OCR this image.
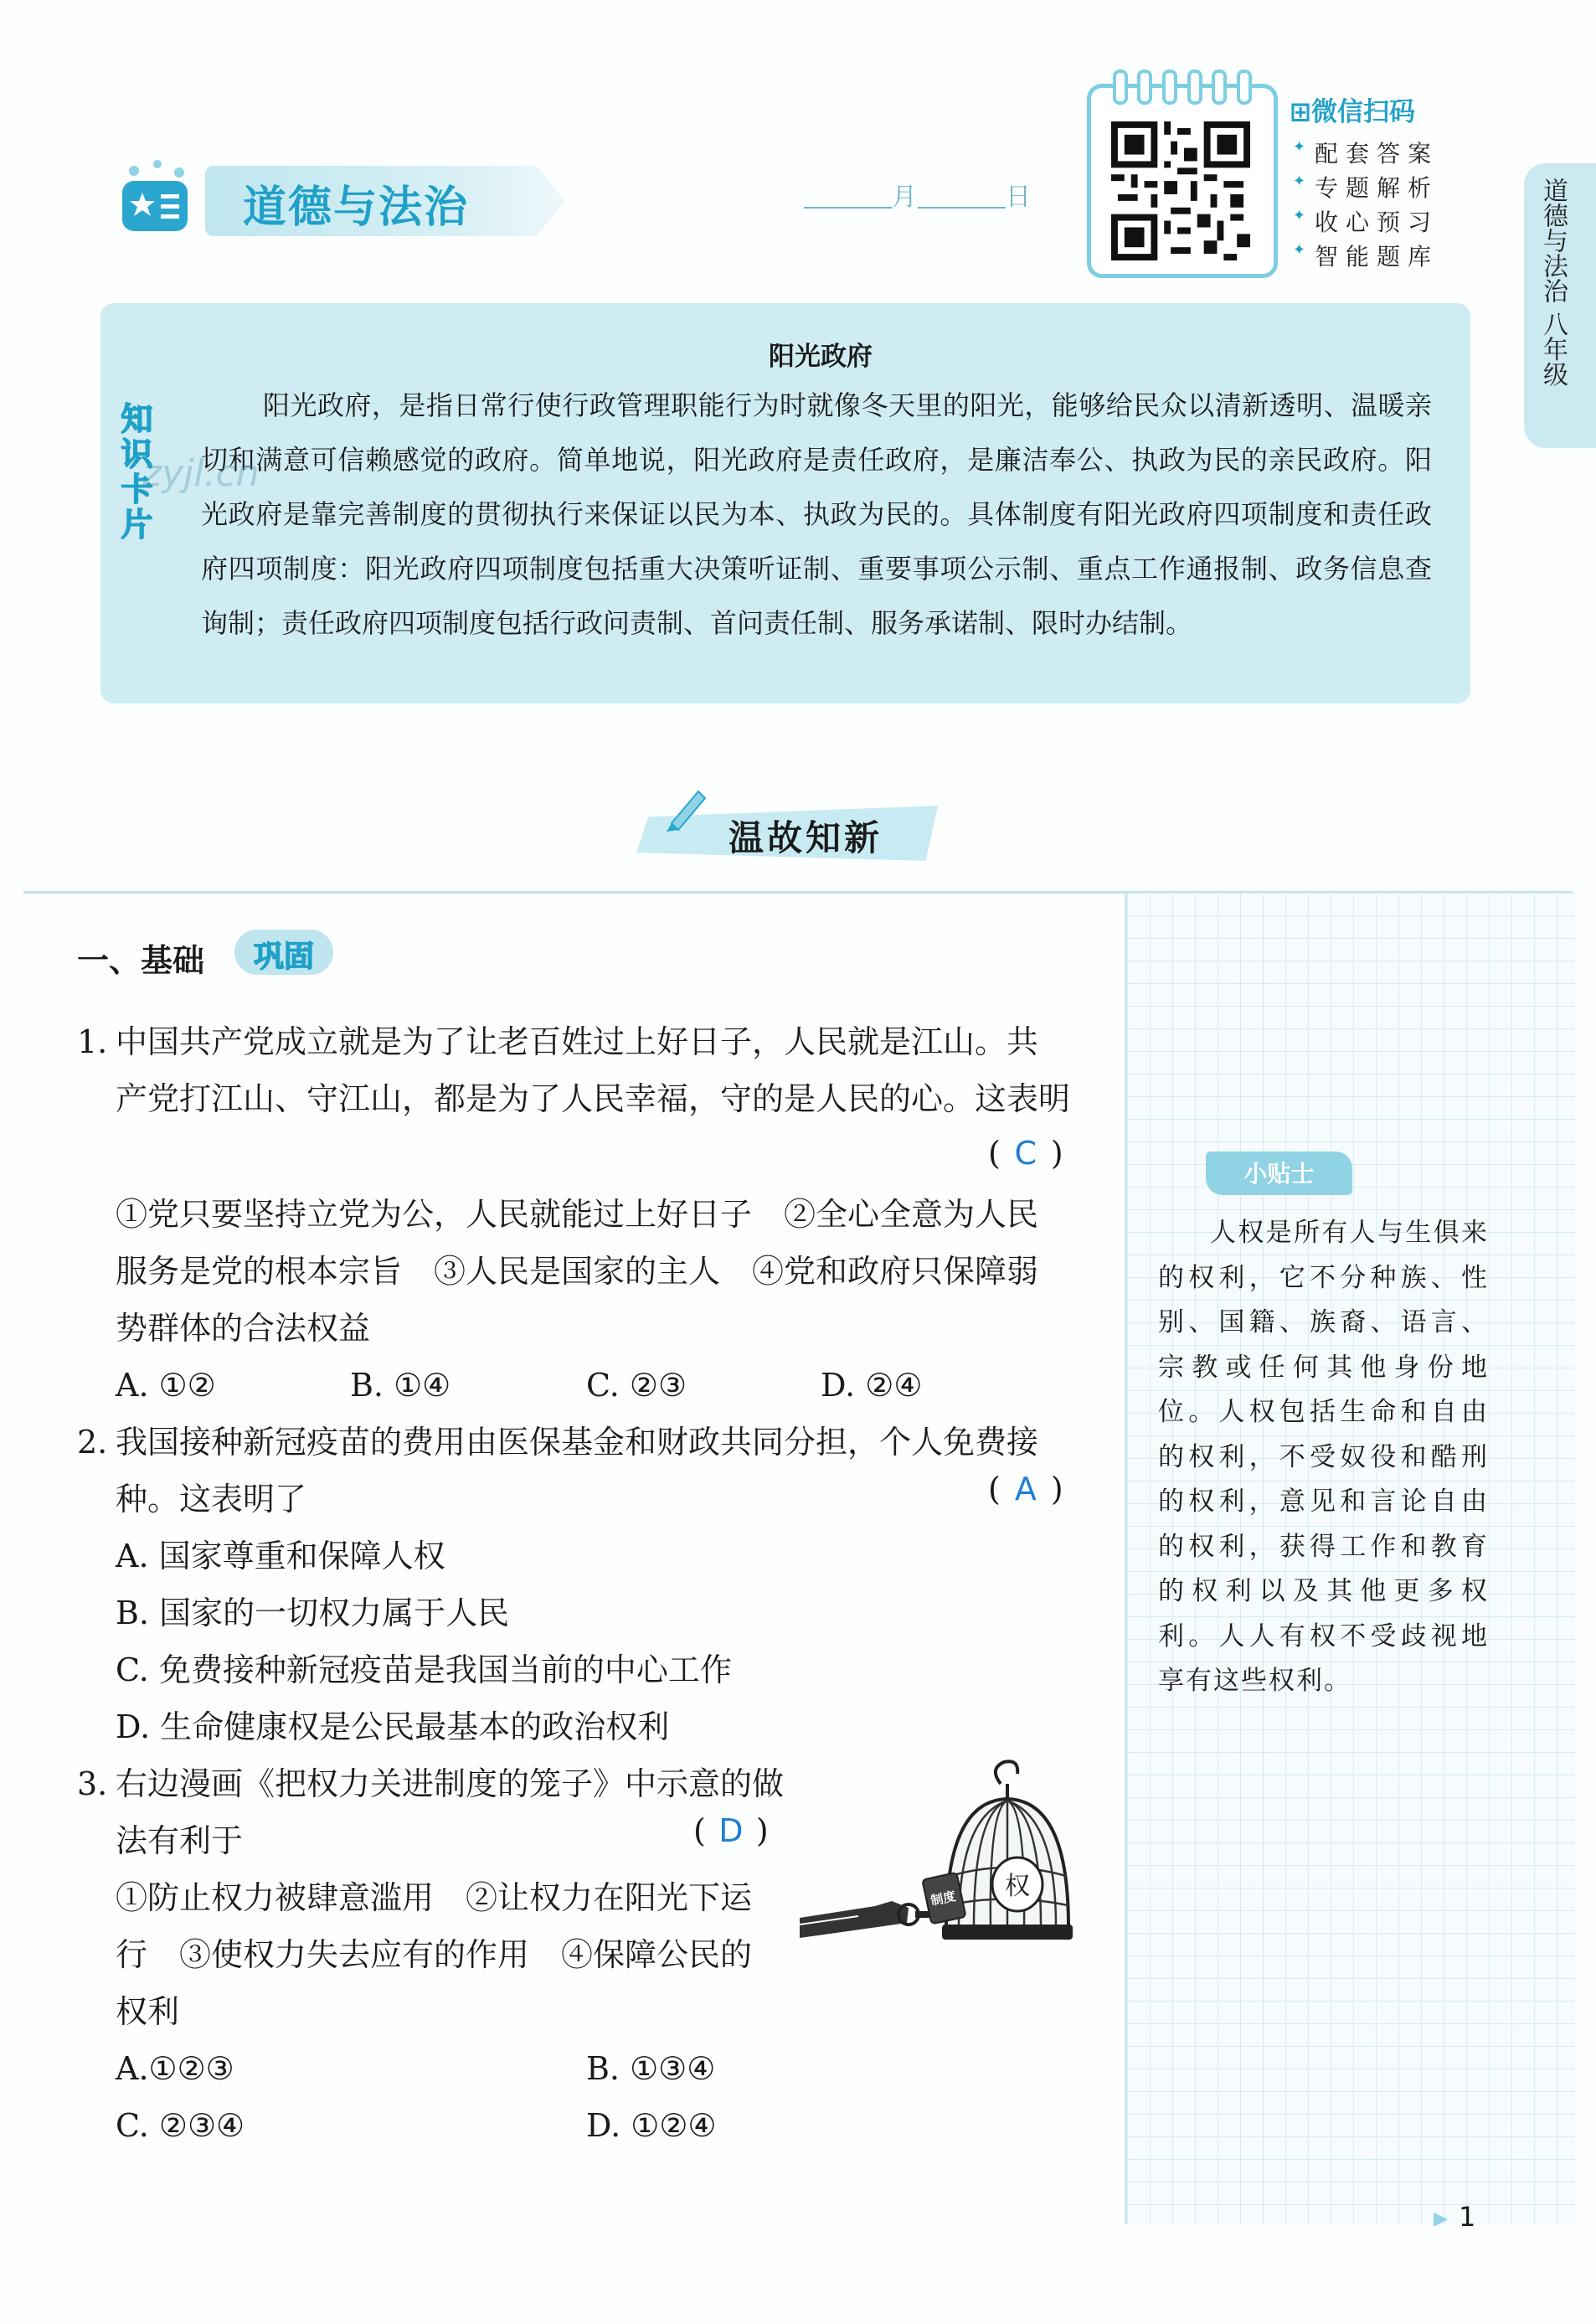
道德与法治	月	日
⊞微信扫码
✦ 配套答案
✦ 专题解析
✦ 收心预习
✦ 智能题库	道德与法治 八年级
知识卡片
阳光政府
阳光政府，是指日常行使行政管理职能行为时就像冬天里的阳光，能够给民众以清新透明、温暖亲切和满意可信赖感觉的政府。简单地说，阳光政府是责任政府，是廉洁奉公、执政为民的亲民政府。阳光政府是靠完善制度的贯彻执行来保证以民为本、执政为民的。具体制度有阳光政府四项制度和责任政府四项制度：阳光政府四项制度包括重大决策听证制、重要事项公示制、重点工作通报制、政务信息查询制；责任政府四项制度包括行政问责制、首问责任制、服务承诺制、限时办结制。
zyjl.cn
温故知新
小贴士
人权是所有人与生俱来的权利，它不分种族、性别、国籍、族裔、语言、宗教或任何其他身份地位。人权包括生命和自由的权利，不受奴役和酷刑的权利，意见和言论自由的权利，获得工作和教育的权利以及其他更多权利。人人有权不受歧视地享有这些权利。
一、基础	巩固
1. 中国共产党成立就是为了让老百姓过上好日子，人民就是江山。共
产党打江山、守江山，都是为了人民幸福，守的是人民的心。这表明
( C )
①党只要坚持立党为公，人民就能过上好日子　②全心全意为人民
服务是党的根本宗旨　③人民是国家的主人　④党和政府只保障弱
势群体的合法权益
A. ①②	B. ①④	C. ②③	D. ②④
2. 我国接种新冠疫苗的费用由医保基金和财政共同分担，个人免费接
种。这表明了	( A )
A. 国家尊重和保障人权
B. 国家的一切权力属于人民
C. 免费接种新冠疫苗是我国当前的中心工作
D. 生命健康权是公民最基本的政治权利
3. 右边漫画《把权力关进制度的笼子》中示意的做
法有利于	( D )
①防止权力被肆意滥用　②让权力在阳光下运
行　③使权力失去应有的作用　④保障公民的
权利
A.①②③	B. ①③④
C. ②③④	D. ①②④
权
制度
▶ 1
